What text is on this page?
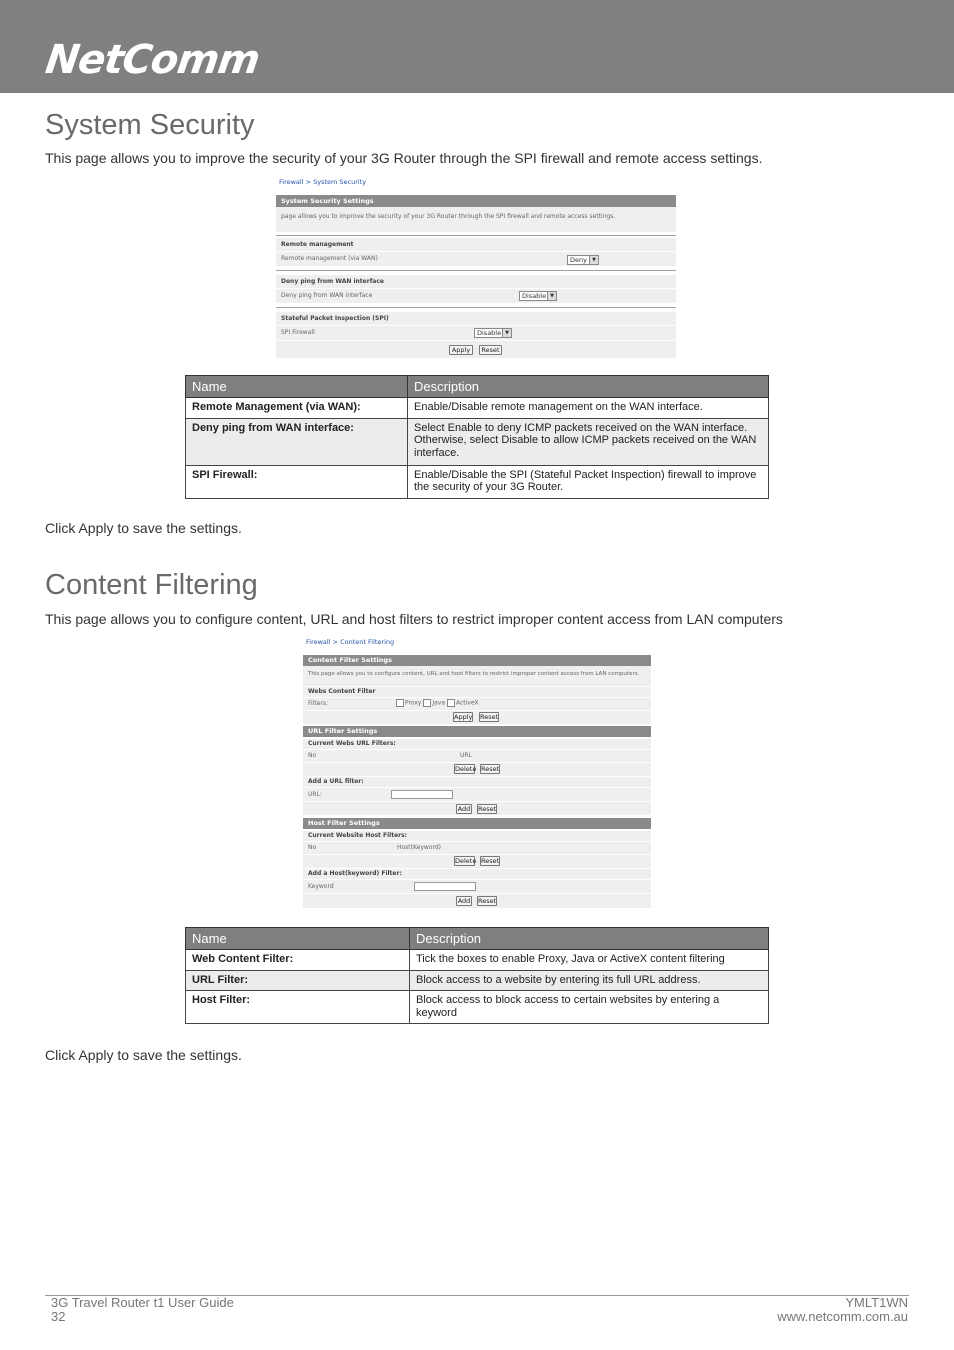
NetComm
System Security
This page allows you to improve the security of your 3G Router through the SPI firewall and remote access settings.
Firewall > System Security
System Security Settings
page allows you to improve the security of your 3G Router through the SPI firewall and remote access settings.
Remote management
Remote management (via WAN)	Deny	▼
Deny ping from WAN interface
Deny ping from WAN interface	Disable ▼
Stateful Packet Inspection (SPI)
SPI Firewall	Disable ▼
Apply	Reset
Name	Description
Remote Management (via WAN):	Enable/Disable remote management on the WAN interface.
Deny ping from WAN interface:	Select Enable to deny ICMP packets received on the WAN interface. Otherwise, select Disable to allow ICMP packets received on the WAN interface.
SPI Firewall:	Enable/Disable the SPI (Stateful Packet Inspection) firewall to improve the security of your 3G Router.
Click Apply to save the settings.
Content Filtering
This page allows you to configure content, URL and host filters to restrict improper content access from LAN computers
Firewall > Content Filtering
Content Filter Settings
This page allows you to configure content, URL and host filters to restrict improper content access from LAN computers.
Webs Content Filter
Filters:	Proxy Java ActiveX
Apply Reset
URL Filter Settings
Current Webs URL Filters:
No	URL
Delete Reset
Add a URL filter:
URL:
Add Reset
Host Filter Settings
Current Website Host Filters:
No	Host(Keyword)
Delete Reset
Add a Host(keyword) Filter:
Keyword
Add Reset
Name	Description
Web Content Filter:	Tick the boxes to enable Proxy, Java or ActiveX content filtering
URL Filter:	Block access to a website by entering its full URL address.
Host Filter:	Block access to block access to certain websites by entering a keyword
Click Apply to save the settings.
3G Travel Router t1 User Guide
32
YMLT1WN
www.netcomm.com.au
